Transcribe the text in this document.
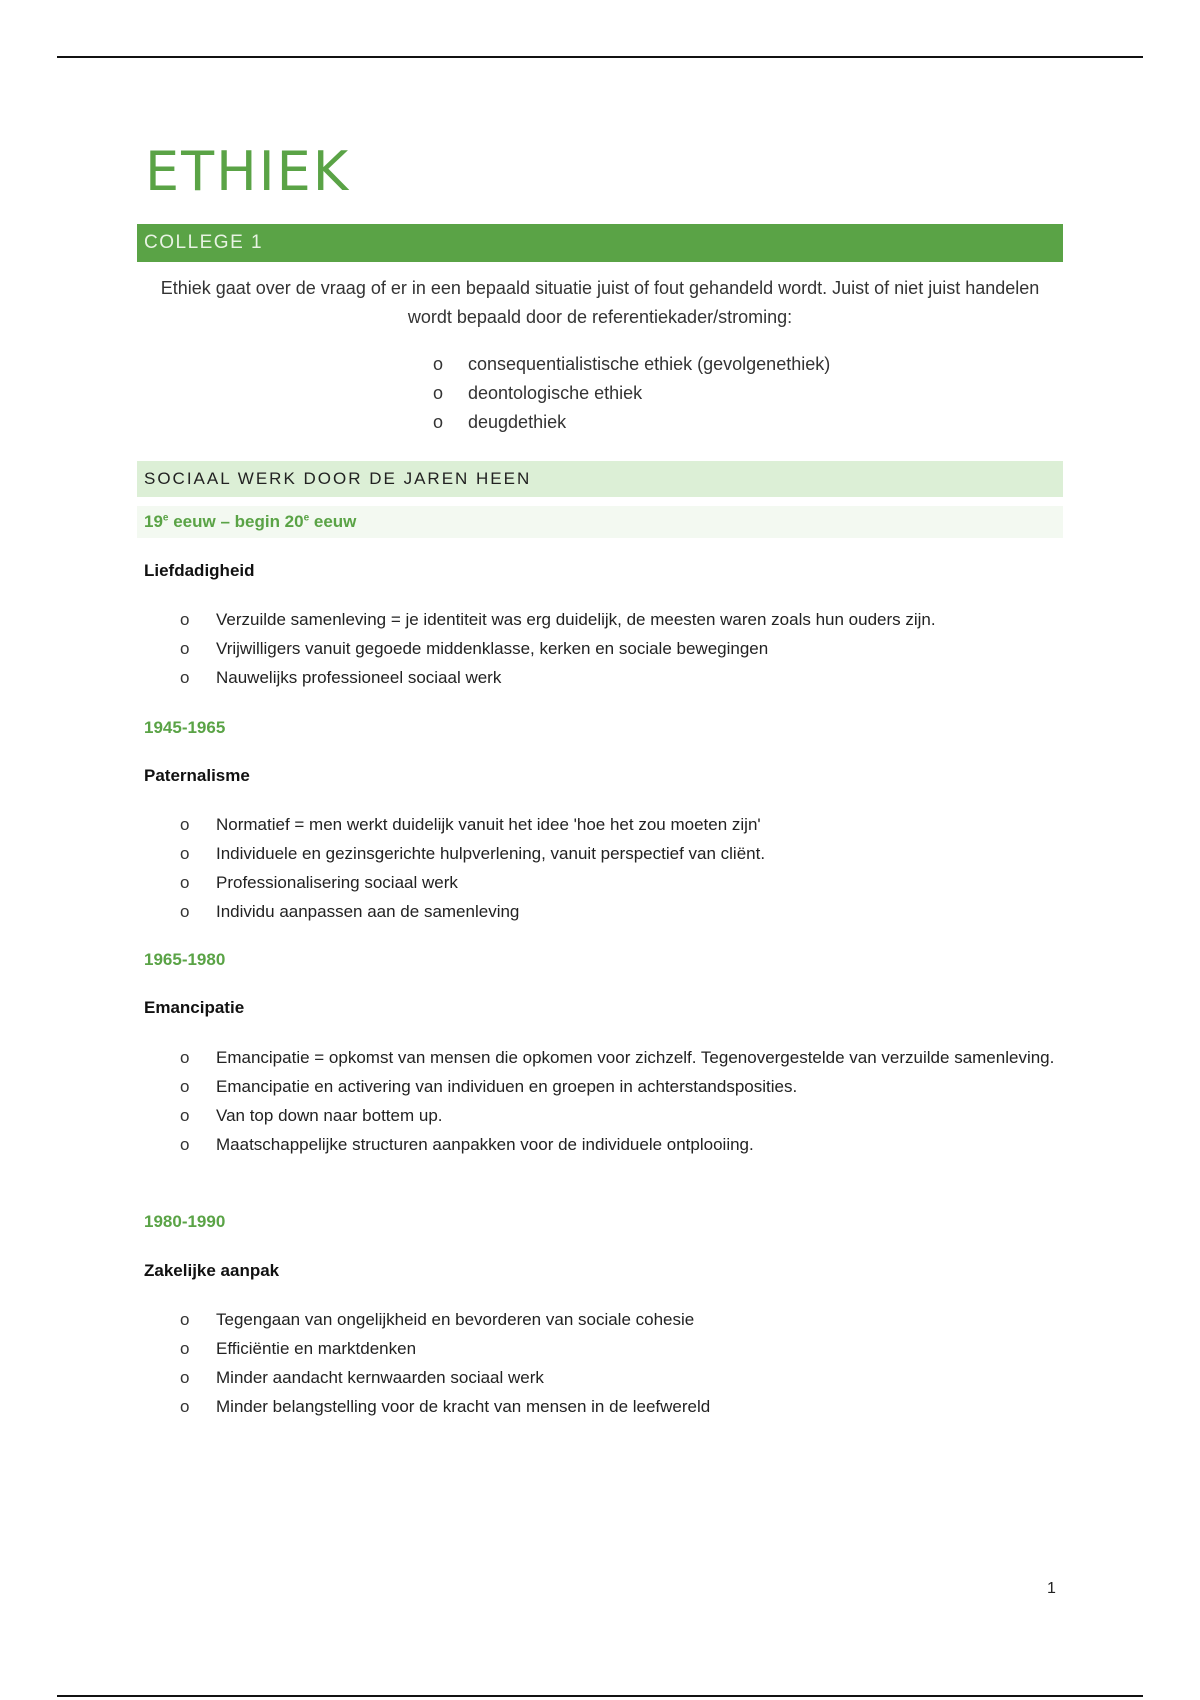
ETHIEK
COLLEGE 1

Ethiek gaat over de vraag of er in een bepaald situatie juist of fout gehandeld wordt. Juist of niet juist handelen wordt bepaald door de referentiekader/stroming:

o consequentialistische ethiek (gevolgenethiek)
o deontologische ethiek
o deugdethiek
SOCIAAL WERK DOOR DE JAREN HEEN
19e eeuw – begin 20e eeuw
Liefdadigheid
o Verzuilde samenleving = je identiteit was erg duidelijk, de meesten waren zoals hun ouders zijn.
o Vrijwilligers vanuit gegoede middenklasse, kerken en sociale bewegingen
o Nauwelijks professioneel sociaal werk
1945-1965
Paternalisme
o Normatief = men werkt duidelijk vanuit het idee 'hoe het zou moeten zijn'
o Individuele en gezinsgerichte hulpverlening, vanuit perspectief van cliënt.
o Professionalisering sociaal werk
o Individu aanpassen aan de samenleving
1965-1980
Emancipatie
o Emancipatie = opkomst van mensen die opkomen voor zichzelf. Tegenovergestelde van verzuilde samenleving.
o Emancipatie en activering van individuen en groepen in achterstandsposities.
o Van top down naar bottem up.
o Maatschappelijke structuren aanpakken voor de individuele ontplooiing.
1980-1990
Zakelijke aanpak
o Tegengaan van ongelijkheid en bevorderen van sociale cohesie
o Efficiëntie en marktdenken
o Minder aandacht kernwaarden sociaal werk
o Minder belangstelling voor de kracht van mensen in de leefwereld
1
